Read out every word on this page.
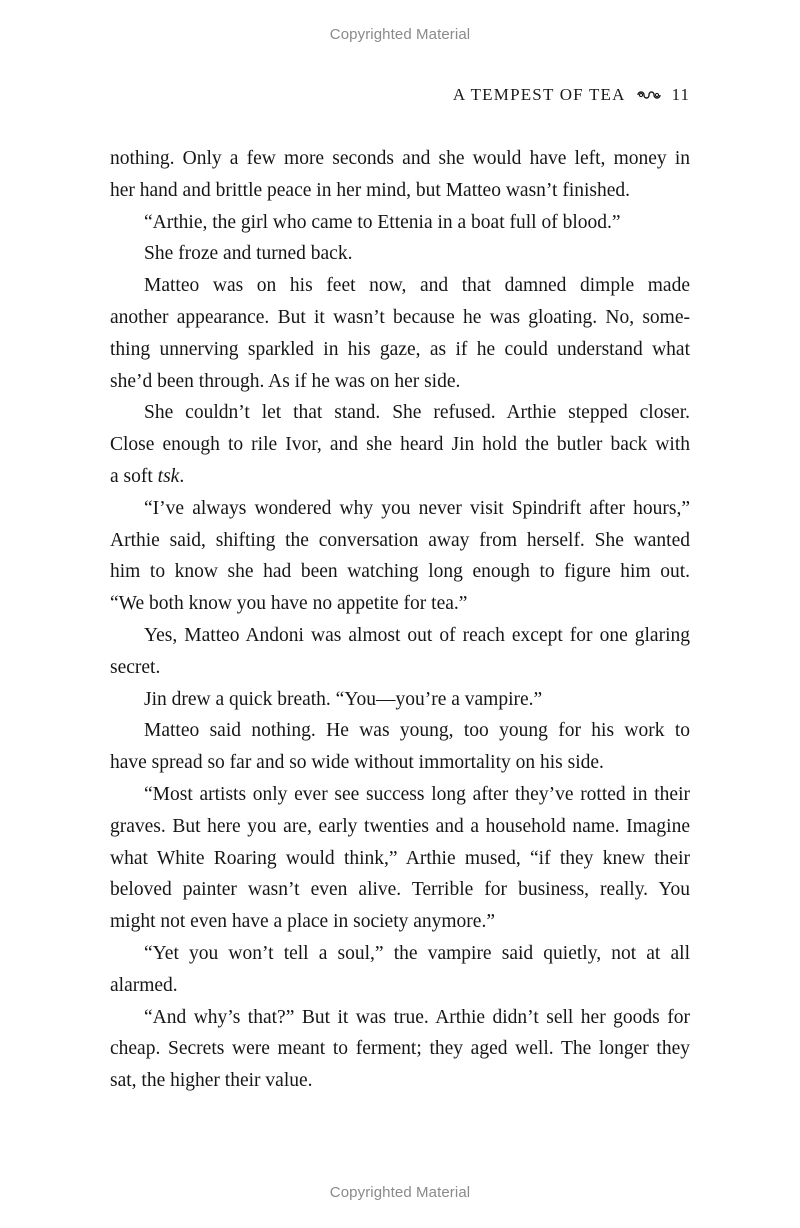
Copyrighted Material
A TEMPEST OF TEA	11
nothing. Only a few more seconds and she would have left, money in
her hand and brittle peace in her mind, but Matteo wasn’t finished.
“Arthie, the girl who came to Ettenia in a boat full of blood.”
She froze and turned back.
Matteo was on his feet now, and that damned dimple made
another appearance. But it wasn’t because he was gloating. No, some-
thing unnerving sparkled in his gaze, as if he could understand what
she’d been through. As if he was on her side.
She couldn’t let that stand. She refused. Arthie stepped closer.
Close enough to rile Ivor, and she heard Jin hold the butler back with
a soft tsk.
“I’ve always wondered why you never visit Spindrift after hours,”
Arthie said, shifting the conversation away from herself. She wanted
him to know she had been watching long enough to figure him out.
“We both know you have no appetite for tea.”
Yes, Matteo Andoni was almost out of reach except for one glaring
secret.
Jin drew a quick breath. “You—you’re a vampire.”
Matteo said nothing. He was young, too young for his work to
have spread so far and so wide without immortality on his side.
“Most artists only ever see success long after they’ve rotted in their
graves. But here you are, early twenties and a household name. Imagine
what White Roaring would think,” Arthie mused, “if they knew their
beloved painter wasn’t even alive. Terrible for business, really. You
might not even have a place in society anymore.”
“Yet you won’t tell a soul,” the vampire said quietly, not at all
alarmed.
“And why’s that?” But it was true. Arthie didn’t sell her goods for
cheap. Secrets were meant to ferment; they aged well. The longer they
sat, the higher their value.
Copyrighted Material
